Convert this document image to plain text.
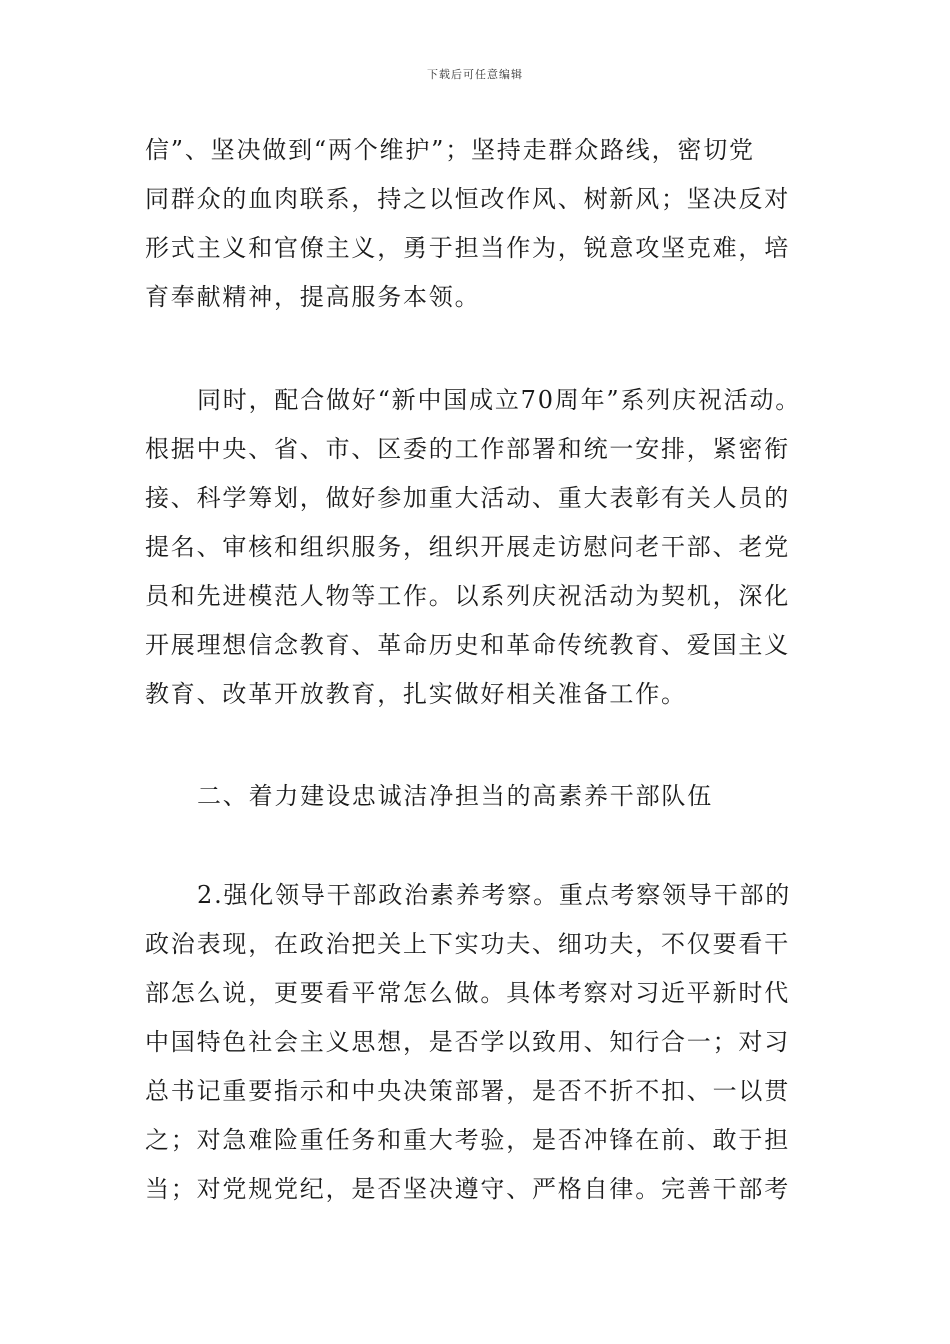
下载后可任意编辑
信”、坚决做到“两个维护”；坚持走群众路线，密切党
同群众的血肉联系，持之以恒改作风、树新风；坚决反对
形式主义和官僚主义，勇于担当作为，锐意攻坚克难，培
育奉献精神，提高服务本领。
同时，配合做好“新中国成立70周年”系列庆祝活动。
根据中央、省、市、区委的工作部署和统一安排，紧密衔
接、科学筹划，做好参加重大活动、重大表彰有关人员的
提名、审核和组织服务，组织开展走访慰问老干部、老党
员和先进模范人物等工作。以系列庆祝活动为契机，深化
开展理想信念教育、革命历史和革命传统教育、爱国主义
教育、改革开放教育，扎实做好相关准备工作。
二、着力建设忠诚洁净担当的高素养干部队伍
2.强化领导干部政治素养考察。重点考察领导干部的
政治表现，在政治把关上下实功夫、细功夫，不仅要看干
部怎么说，更要看平常怎么做。具体考察对习近平新时代
中国特色社会主义思想，是否学以致用、知行合一；对习
总书记重要指示和中央决策部署，是否不折不扣、一以贯
之；对急难险重任务和重大考验，是否冲锋在前、敢于担
当；对党规党纪，是否坚决遵守、严格自律。完善干部考
